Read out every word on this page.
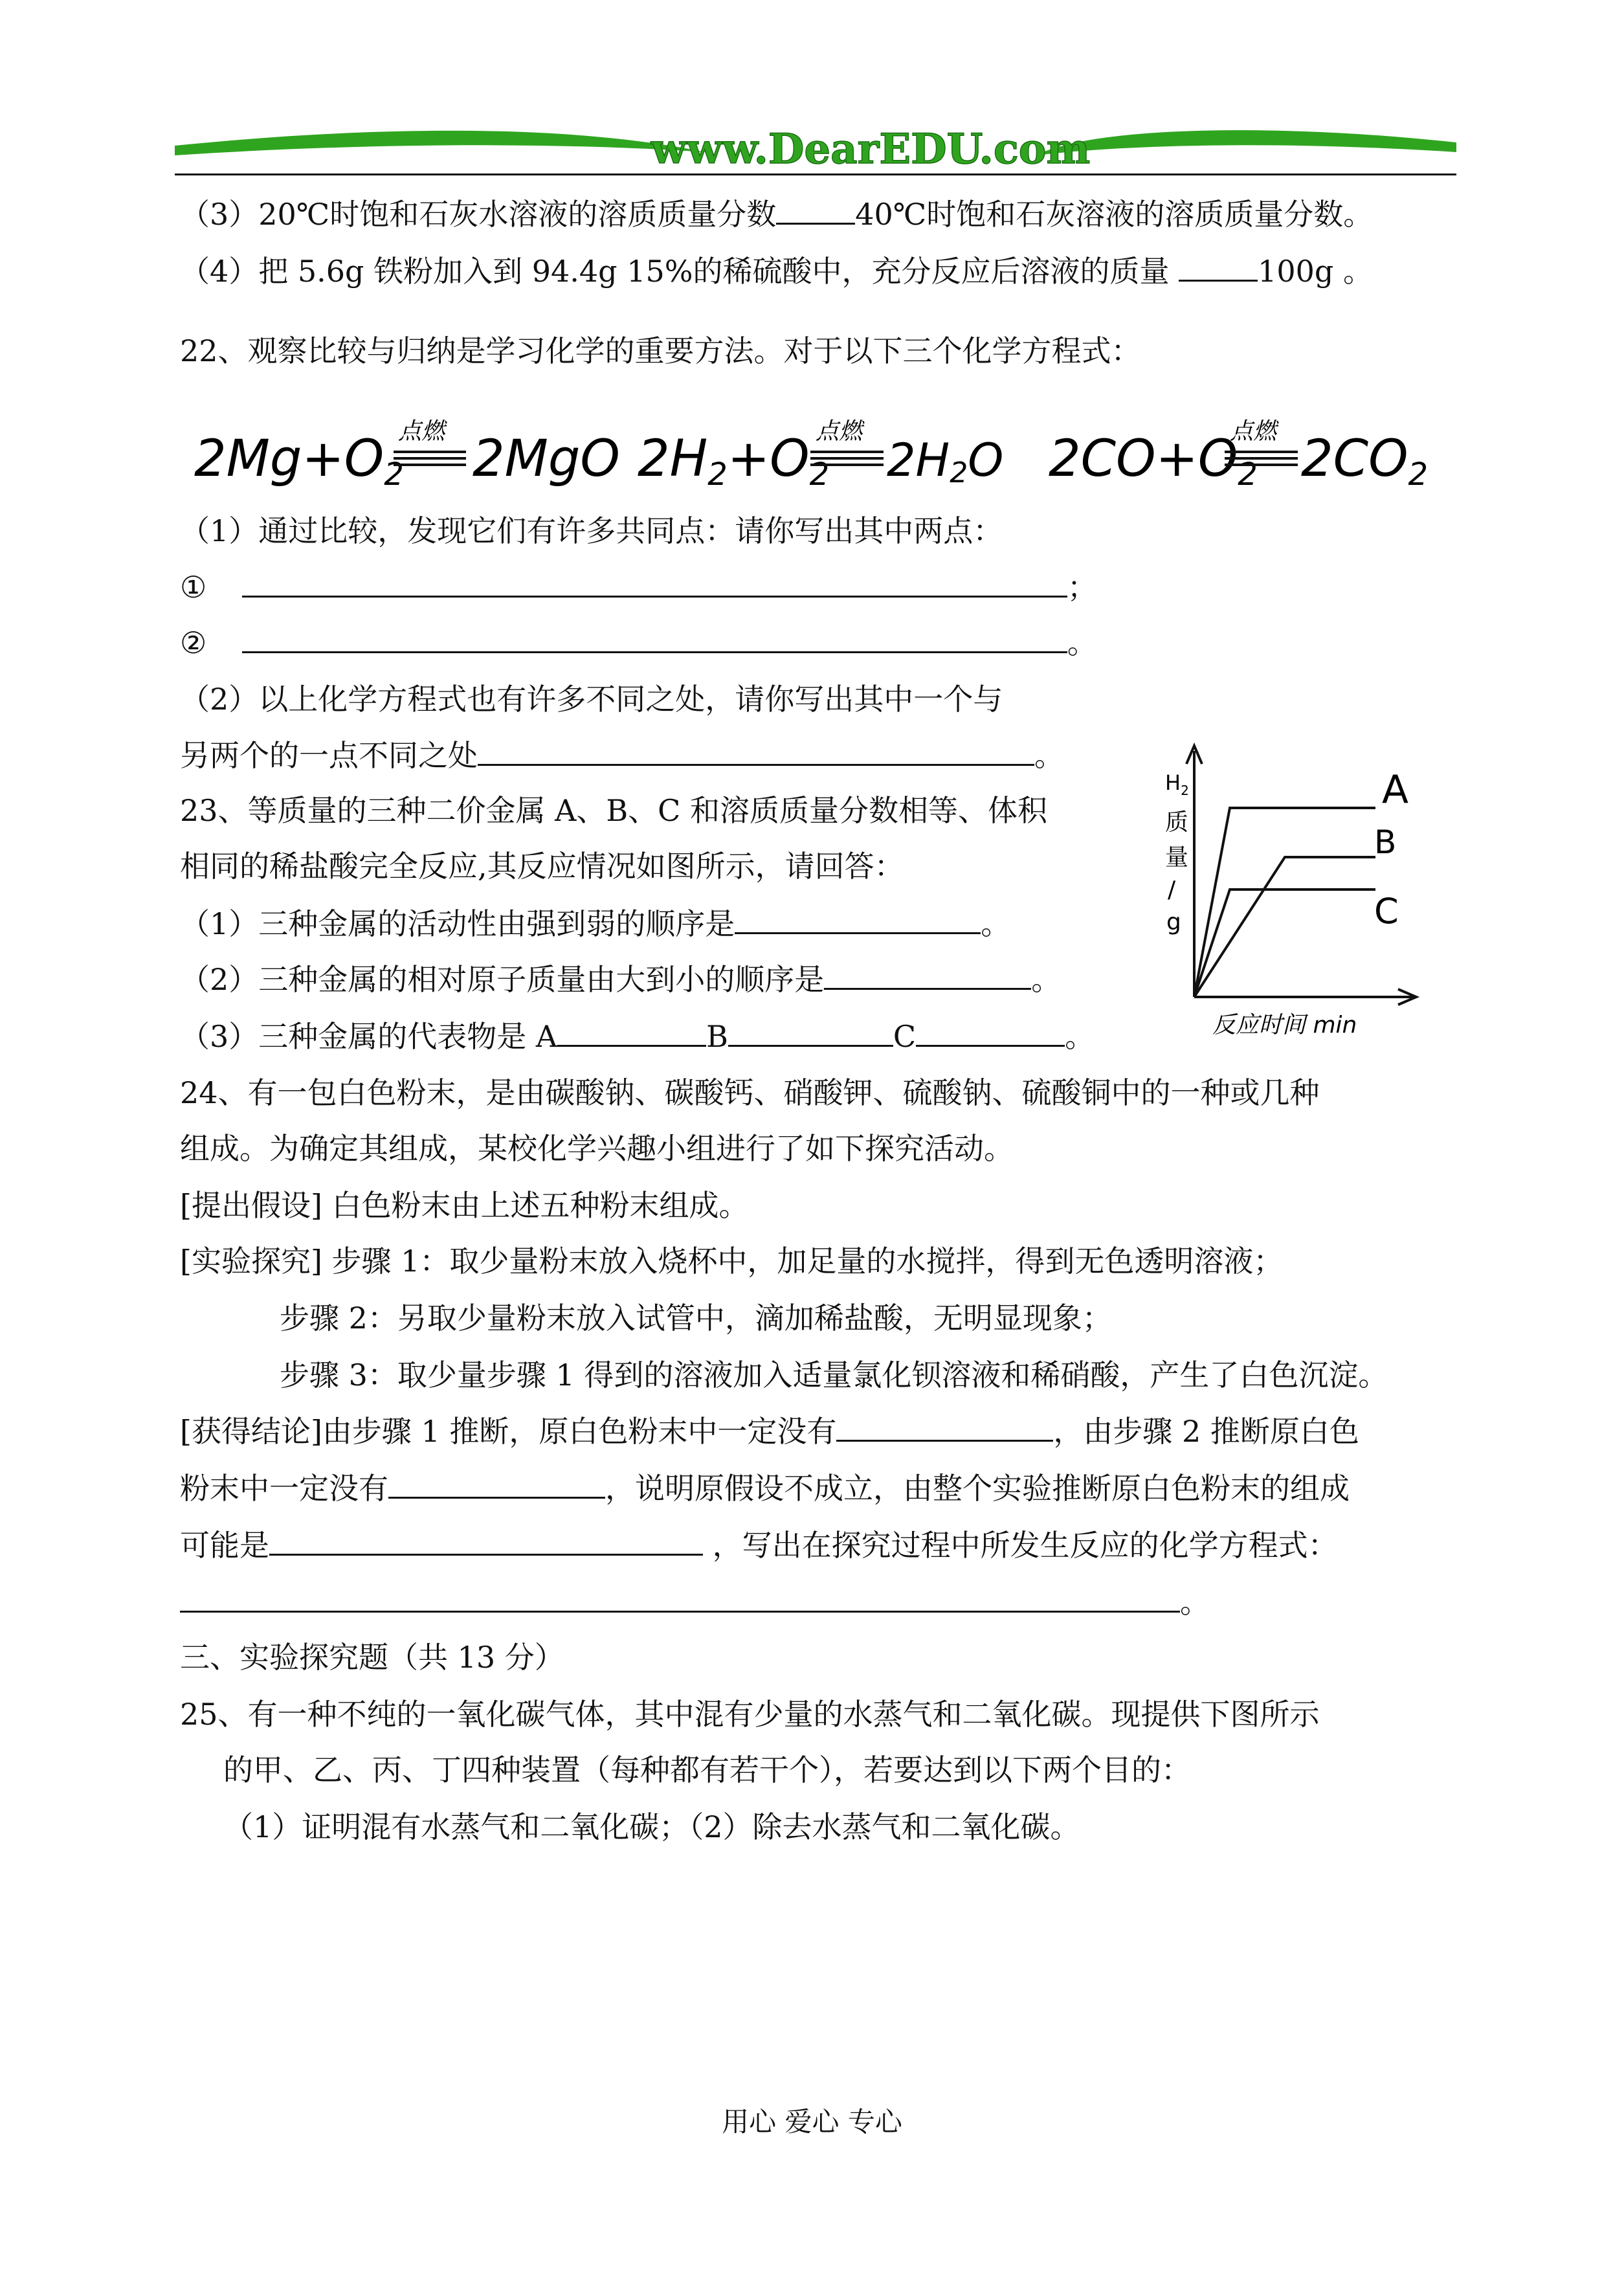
www.DearEDU.com
（3）20℃时饱和石灰水溶液的溶质质量分数	40℃时饱和石灰溶液的溶质质量分数。
（4）把 5.6g 铁粉加入到 94.4g 15%的稀硫酸中，充分反应后溶液的质量	100g 。
22、观察比较与归纳是学习化学的重要方法。对于以下三个化学方程式：
2Mg+O2
点燃 2MgO 2H2+O2
点燃
2H2O 2CO+O2
点燃 2CO2
（1）通过比较，发现它们有许多共同点：请你写出其中两点：
①	；
②	。
（2）以上化学方程式也有许多不同之处，请你写出其中一个与
另两个的一点不同之处	。
23、等质量的三种二价金属 A、B、C 和溶质质量分数相等、体积
相同的稀盐酸完全反应,其反应情况如图所示，请回答：
（1）三种金属的活动性由强到弱的顺序是	。
（2）三种金属的相对原子质量由大到小的顺序是	。
（3）三种金属的代表物是 A	B	C	。
A
B
C
$H_2$
质
量
/
g
反应时间 min
24、有一包白色粉末，是由碳酸钠、碳酸钙、硝酸钾、硫酸钠、硫酸铜中的一种或几种
组成。为确定其组成，某校化学兴趣小组进行了如下探究活动。
[提出假设] 白色粉末由上述五种粉末组成。
[实验探究] 步骤 1：取少量粉末放入烧杯中，加足量的水搅拌，得到无色透明溶液；
步骤 2：另取少量粉末放入试管中，滴加稀盐酸，无明显现象；
步骤 3：取少量步骤 1 得到的溶液加入适量氯化钡溶液和稀硝酸，产生了白色沉淀。
[获得结论]由步骤 1 推断，原白色粉末中一定没有	，由步骤 2 推断原白色
粉末中一定没有	，说明原假设不成立，由整个实验推断原白色粉末的组成
可能是	，写出在探究过程中所发生反应的化学方程式：
。
三、实验探究题（共 13 分）
25、有一种不纯的一氧化碳气体，其中混有少量的水蒸气和二氧化碳。现提供下图所示
的甲、乙、丙、丁四种装置（每种都有若干个），若要达到以下两个目的：
（1）证明混有水蒸气和二氧化碳；（2）除去水蒸气和二氧化碳。
用心 爱心 专心
